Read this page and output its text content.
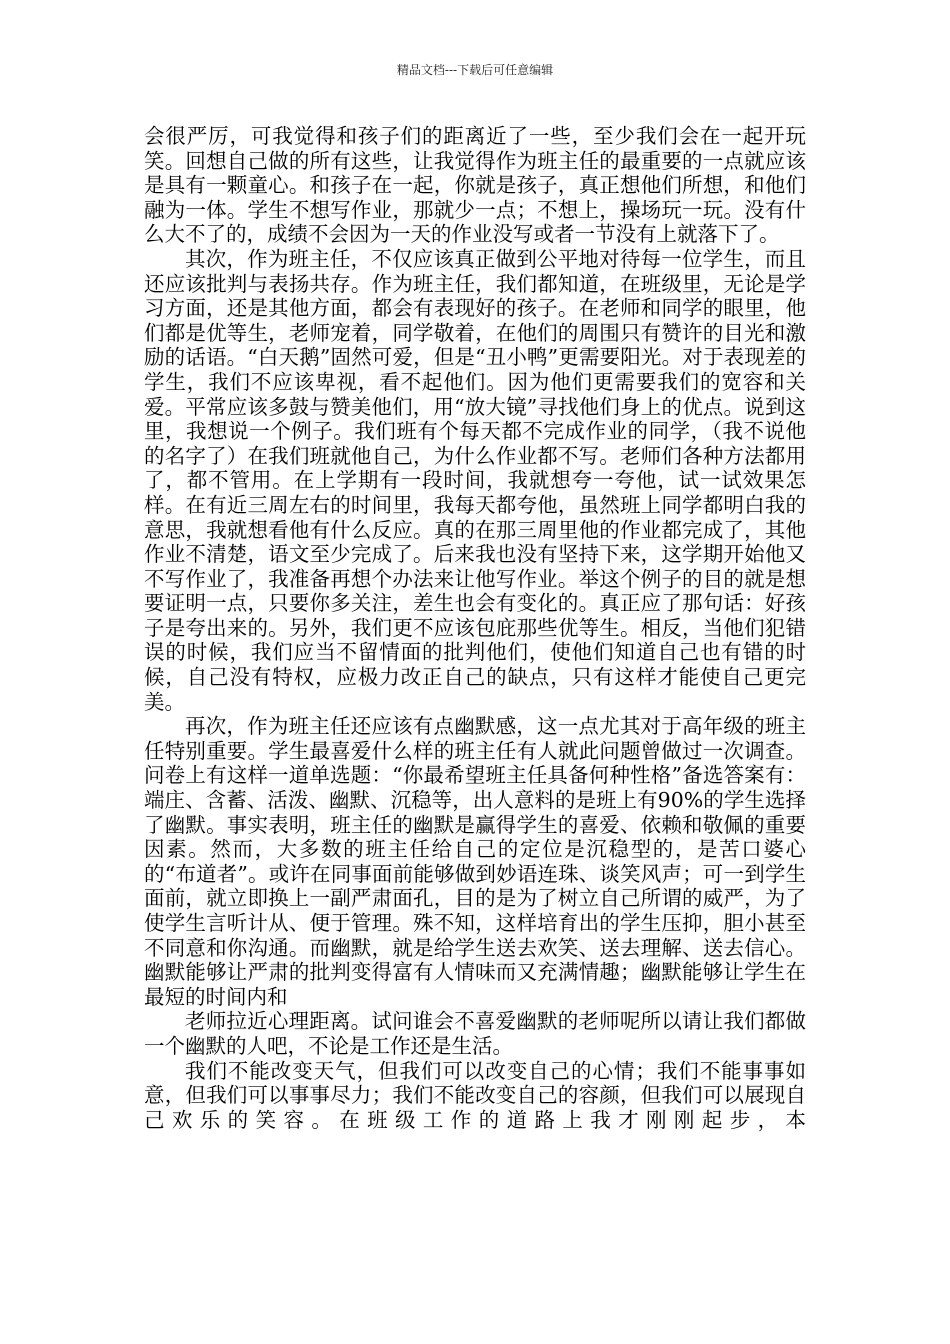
精品文档---下载后可任意编辑

会很严厉，可我觉得和孩子们的距离近了一些，至少我们会在一起开玩笑。回想自己做的所有这些，让我觉得作为班主任的最重要的一点就应该是具有一颗童心。和孩子在一起，你就是孩子，真正想他们所想，和他们融为一体。学生不想写作业，那就少一点；不想上，操场玩一玩。没有什么大不了的，成绩不会因为一天的作业没写或者一节没有上就落下了。

其次，作为班主任，不仅应该真正做到公平地对待每一位学生，而且还应该批判与表扬共存。作为班主任，我们都知道，在班级里，无论是学习方面，还是其他方面，都会有表现好的孩子。在老师和同学的眼里，他们都是优等生，老师宠着，同学敬着，在他们的周围只有赞许的目光和激励的话语。“白天鹅”固然可爱，但是“丑小鸭”更需要阳光。对于表现差的学生，我们不应该卑视，看不起他们。因为他们更需要我们的宽容和关爱。平常应该多鼓与赞美他们，用“放大镜”寻找他们身上的优点。说到这里，我想说一个例子。我们班有个每天都不完成作业的同学，（我不说他的名字了）在我们班就他自己，为什么作业都不写。老师们各种方法都用了，都不管用。在上学期有一段时间，我就想夸一夸他，试一试效果怎样。在有近三周左右的时间里，我每天都夸他，虽然班上同学都明白我的意思，我就想看他有什么反应。真的在那三周里他的作业都完成了，其他作业不清楚，语文至少完成了。后来我也没有坚持下来，这学期开始他又不写作业了，我准备再想个办法来让他写作业。举这个例子的目的就是想要证明一点，只要你多关注，差生也会有变化的。真正应了那句话：好孩子是夸出来的。另外，我们更不应该包庇那些优等生。相反，当他们犯错误的时候，我们应当不留情面的批判他们，使他们知道自己也有错的时候，自己没有特权，应极力改正自己的缺点，只有这样才能使自己更完美。

再次，作为班主任还应该有点幽默感，这一点尤其对于高年级的班主任特别重要。学生最喜爱什么样的班主任有人就此问题曾做过一次调查。问卷上有这样一道单选题：“你最希望班主任具备何种性格”备选答案有：端庄、含蓄、活泼、幽默、沉稳等，出人意料的是班上有90%的学生选择了幽默。事实表明，班主任的幽默是赢得学生的喜爱、依赖和敬佩的重要因素。然而，大多数的班主任给自己的定位是沉稳型的，是苦口婆心的“布道者”。或许在同事面前能够做到妙语连珠、谈笑风声；可一到学生面前，就立即换上一副严肃面孔，目的是为了树立自己所谓的威严，为了使学生言听计从、便于管理。殊不知，这样培育出的学生压抑，胆小甚至不同意和你沟通。而幽默，就是给学生送去欢笑、送去理解、送去信心。幽默能够让严肃的批判变得富有人情味而又充满情趣；幽默能够让学生在最短的时间内和

老师拉近心理距离。试问谁会不喜爱幽默的老师呢所以请让我们都做一个幽默的人吧，不论是工作还是生活。

我们不能改变天气，但我们可以改变自己的心情；我们不能事事如意，但我们可以事事尽力；我们不能改变自己的容颜，但我们可以展现自己欢乐的笑容。在班级工作的道路上我才刚刚起步，本
